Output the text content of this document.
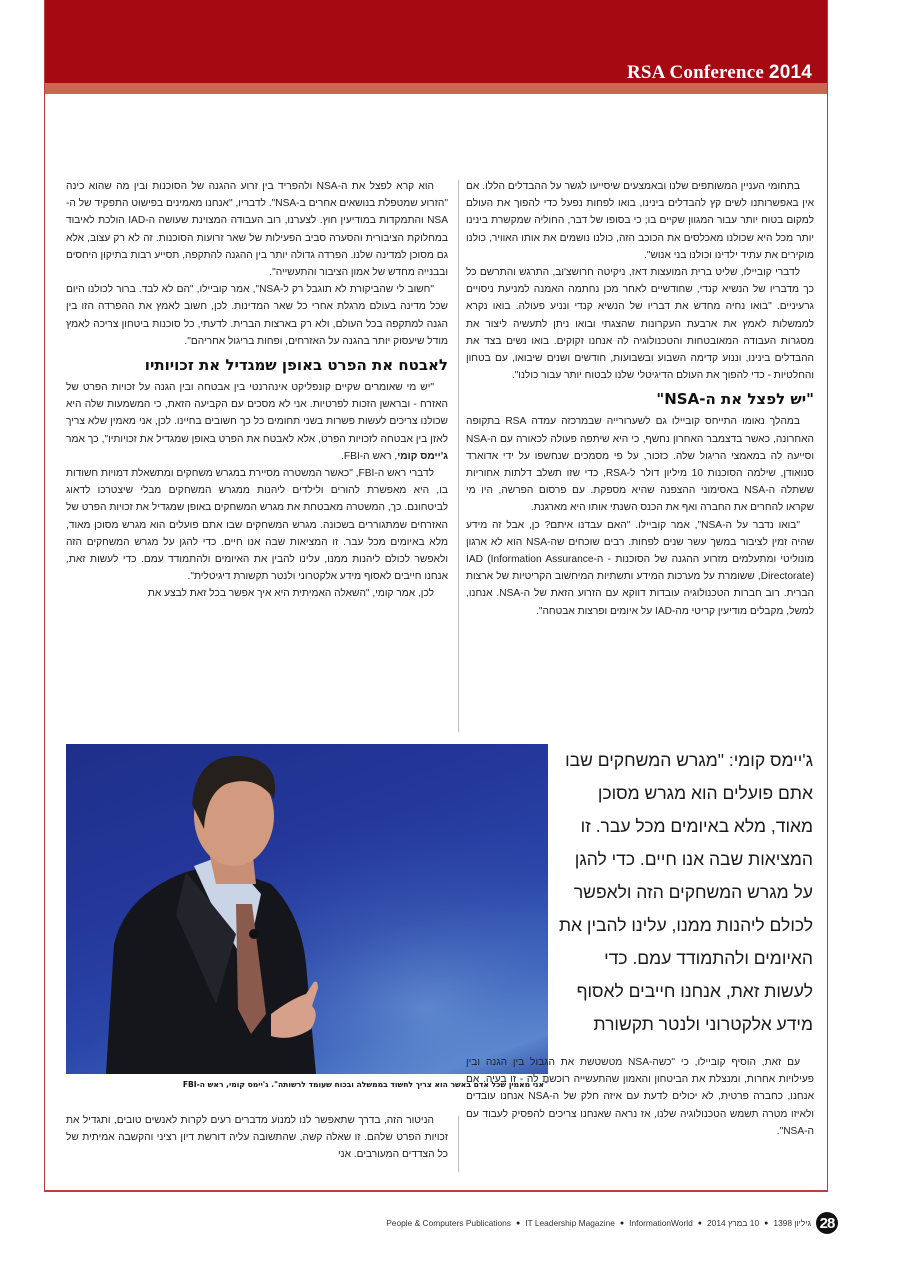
RSA Conference 2014

בתחומי העניין המשותפים שלנו ובאמצעים שיסייעו לגשר על ההבדלים הללו. אם אין באפשרותנו לשים קץ להבדלים בינינו, בואו לפחות נפעל כדי להפוך את העולם למקום בטוח יותר עבור המגוון שקיים בו; כי בסופו של דבר, החוליה שמקשרת בינינו יותר מכל היא שכולנו מאכלסים את הכוכב הזה, כולנו נושמים את אותו האוויר, כולנו מוקירים את עתיד ילדינו וכולנו בני אנוש".

לדברי קוביילו, שליט ברית המועצות דאז, ניקיטה חרושצ'וב, התרגש והתרשם כל כך מדבריו של הנשיא קנדי, שחודשיים לאחר מכן נחתמה האמנה למניעת ניסויים גרעיניים. "בואו נחיה מחדש את דבריו של הנשיא קנדי ונניע פעולה. בואו נקרא לממשלות לאמץ את ארבעת העקרונות שהצגתי ובואו ניתן לתעשיה ליצור את מסגרות העבודה המאובטחות והטכנולוגיה לה אנחנו זקוקים. בואו נשים בצד את ההבדלים בינינו, וננוע קדימה השבוע ובשבועות, חודשים ושנים שיבואו, עם בטחון והחלטיות - כדי להפוך את העולם הדיגיטלי שלנו לבטוח יותר עבור כולנו".

"יש לפצל את ה-NSA"

במהלך נאומו התייחס קוביילו גם לשערורייה שבמרכזה עמדה RSA בתקופה האחרונה, כאשר בדצמבר האחרון נחשף, כי היא שיתפה פעולה לכאורה עם ה-NSA וסייעה לה במאמצי הריגול שלה. כזכור, על פי מסמכים שנחשפו על ידי אדוארד סנואודן, שילמה הסוכנות 10 מיליון דולר ל-RSA, כדי שזו תשלב דלתות אחוריות ששתלה ה-NSA באסימוני ההצפנה שהיא מספקת. עם פרסום הפרשה, היו מי שקראו להחרים את החברה ואף את הכנס השנתי אותו היא מארגנת.

"בואו נדבר על ה-NSA", אמר קוביילו. "האם עבדנו איתם? כן, אבל זה מידע שהיה זמין לציבור במשך עשר שנים לפחות. רבים שוכחים שה-NSA הוא לא ארגון מונוליטי ומתעלמים מזרוע ההגנה של הסוכנות - ה-IAD (Information Assurance Directorate), ששומרת על מערכות המידע ותשתיות המיחשוב הקריטיות של ארצות הברית. רוב חברות הטכנולוגיה עובדות דווקא עם הזרוע הזאת של ה-NSA. אנחנו, למשל, מקבלים מודיעין קריטי מה-IAD על איומים ופרצות אבטחה".

הוא קרא לפצל את ה-NSA ולהפריד בין זרוע ההגנה של הסוכנות ובין מה שהוא כינה "הזרוע שמטפלת בנושאים אחרים ב-NSA". לדבריו, "אנחנו מאמינים בפישוט התפקיד של ה-NSA והתמקדות במודיעין חוץ. לצערנו, רוב העבודה המצוינת שעושה ה-IAD הולכת לאיבוד במחלוקת הציבורית והסערה סביב הפעילות של שאר זרועות הסוכנות. זה לא רק עצוב, אלא גם מסוכן למדינה שלנו. הפרדה גדולה יותר בין ההגנה להתקפה, תסייע רבות בתיקון היחסים ובבנייה מחדש של אמון הציבור והתעשייה".

"חשוב לי שהביקורת לא תוגבל רק ל-NSA", אמר קוביילו, "הם לא לבד. ברור לכולנו היום שכל מדינה בעולם מרגלת אחרי כל שאר המדינות. לכן, חשוב לאמץ את ההפרדה הזו בין הגנה למתקפה בכל העולם, ולא רק בארצות הברית. לדעתי, כל סוכנות ביטחון צריכה לאמץ מודל שיעסוק יותר בהגנה על האזרחים, ופחות בריגול אחריהם".

לאבטח את הפרט באופן שמגדיל את זכויותיו

"יש מי שאומרים שקיים קונפליקט אינהרנטי בין אבטחה ובין הגנה על זכויות הפרט של האזרח - ובראשן הזכות לפרטיות. אני לא מסכים עם הקביעה הזאת, כי המשמעות שלה היא שכולנו צריכים לעשות פשרות בשני תחומים כל כך חשובים בחיינו. לכן, אני מאמין שלא צריך לאזן בין אבטחה לזכויות הפרט, אלא לאבטח את הפרט באופן שמגדיל את זכויותיו", כך אמר ג'יימס קומי, ראש ה-FBI.

לדברי ראש ה-FBI, "כאשר המשטרה מסיירת במגרש משחקים ומתשאלת דמויות חשודות בו, היא מאפשרת להורים ולילדים ליהנות ממגרש המשחקים מבלי שיצטרכו לדאוג לביטחונם. כך, המשטרה מאבטחת את מגרש המשחקים באופן שמגדיל את זכויות הפרט של האזרחים שמתגוררים בשכונה. מגרש המשחקים שבו אתם פועלים הוא מגרש מסוכן מאוד, מלא באיומים מכל עבר. זו המציאות שבה אנו חיים. כדי להגן על מגרש המשחקים הזה ולאפשר לכולם ליהנות ממנו, עלינו להבין את האיומים ולהתמודד עמם. כדי לעשות זאת, אנחנו חייבים לאסוף מידע אלקטרוני ולנטר תקשורת דיגיטלית".

לכן, אמר קומי, "השאלה האמיתית היא איך אפשר בכל זאת לבצע את

"אני מאמין שכל אדם באשר הוא צריך לחשוד בממשלה ובכוח שעומד לרשותה". ג'יימס קומי, ראש ה-FBI
ג'יימס קומי: "מגרש המשחקים שבו אתם פועלים הוא מגרש מסוכן מאוד, מלא באיומים מכל עבר. זו המציאות שבה אנו חיים. כדי להגן על מגרש המשחקים הזה ולאפשר לכולם ליהנות ממנו, עלינו להבין את האיומים ולהתמודד עמם. כדי לעשות זאת, אנחנו חייבים לאסוף מידע אלקטרוני ולנטר תקשורת

עם זאת, הוסיף קוביילו, כי "כשה-NSA מטשטשת את הגבול בין הגנה ובין פעילויות אחרות, ומנצלת את הביטחון והאמון שהתעשייה רוכשת לה - זו בעיה. אם אנחנו, כחברה פרטית, לא יכולים לדעת עם איזה חלק של ה-NSA אנחנו עובדים ולאיזו מטרה תשמש הטכנולוגיה שלנו, אז נראה שאנחנו צריכים להפסיק לעבוד עם ה-NSA".

הניטור הזה, בדרך שתאפשר לנו למנוע מדברים רעים לקרות לאנשים טובים, ותגדיל את זכויות הפרט שלהם. זו שאלה קשה, שהתשובה עליה דורשת דיון רציני והקשבה אמיתית של כל הצדדים המעורבים. אני

People & Computers Publications ● IT Leadership Magazine ● InformationWorld ● 10 במרץ 2014 ● גיליון 1398 28
